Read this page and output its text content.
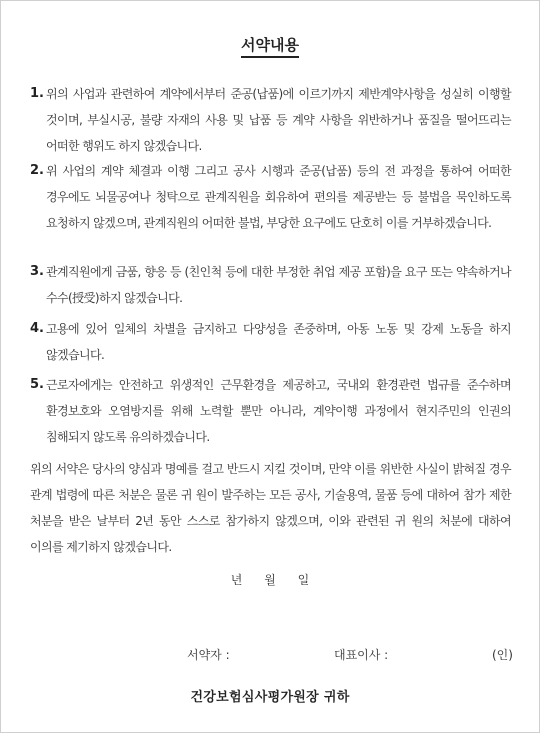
서약내용
1. 위의 사업과 관련하여 계약에서부터 준공(납품)에 이르기까지 제반계약사항을 성실히 이행할 것이며, 부실시공, 불량 자재의 사용 및 납품 등 계약 사항을 위반하거나 품질을 떨어뜨리는 어떠한 행위도 하지 않겠습니다.
2. 위 사업의 계약 체결과 이행 그리고 공사 시행과 준공(납품) 등의 전 과정을 통하여 어떠한 경우에도 뇌물공여나 청탁으로 관계직원을 회유하여 편의를 제공받는 등 불법을 묵인하도록 요청하지 않겠으며, 관계직원의 어떠한 불법, 부당한 요구에도 단호히 이를 거부하겠습니다.
3. 관계직원에게 금품, 향응 등 (친인척 등에 대한 부정한 취업 제공 포함)을 요구 또는 약속하거나 수수(授受)하지 않겠습니다.
4. 고용에 있어 일체의 차별을 금지하고 다양성을 존중하며, 아동 노동 및 강제 노동을 하지 않겠습니다.
5. 근로자에게는 안전하고 위생적인 근무환경을 제공하고, 국내외 환경관련 법규를 준수하며 환경보호와 오염방지를 위해 노력할 뿐만 아니라, 계약이행 과정에서 현지주민의 인권의 침해되지 않도록 유의하겠습니다.
위의 서약은 당사의 양심과 명예를 걸고 반드시 지킬 것이며, 만약 이를 위반한 사실이 밝혀질 경우 관계 법령에 따른 처분은 물론 귀 원이 발주하는 모든 공사, 기술용역, 물품 등에 대하여 참가 제한 처분을 받은 날부터 2년 동안 스스로 참가하지 않겠으며, 이와 관련된 귀 원의 처분에 대하여 이의를 제기하지 않겠습니다.
년 월 일
서약자 :	대표이사 :	(인)
건강보험심사평가원장 귀하
